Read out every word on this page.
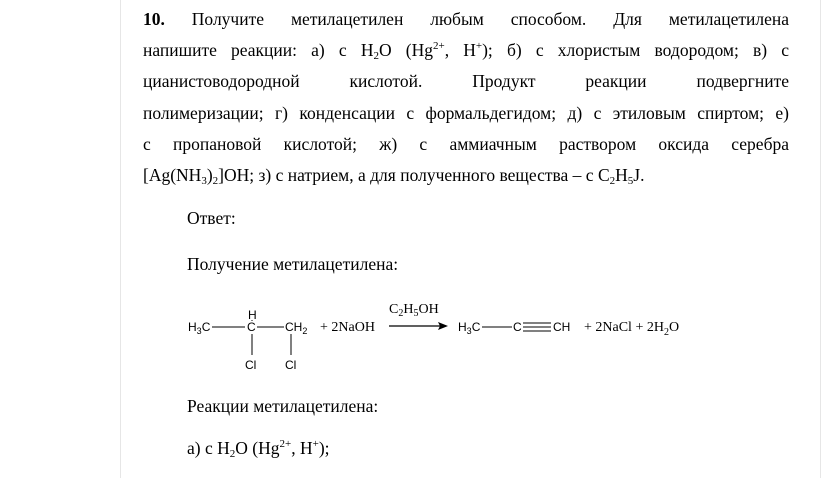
10. Получите метилацетилен любым способом. Для метилацетилена
напишите реакции: а) с $H_2O$ ($Hg^{2+}$, H+); б) с хлористым водородом; в) с
цианистоводородной кислотой. Продукт реакции подвергните
полимеризации; г) конденсации с формальдегидом; д) с этиловым спиртом; е)
с пропановой кислотой; ж) с аммиачным раствором оксида серебра
$[Ag(NH_3)_2]OH$; з) с натрием, а для полученного вещества – с $C_2H_5J$.
Ответ:
Получение метилацетилена:
Реакции метилацетилена:
а) с $H_2O$ ($Hg^{2+}$, H+);
$H_3C$
H
C $CH_2$
Cl Cl
+ 2NaOH
$C_2H_5OH$
$H_3C$	C	CH + 2NaCl + $2H_2O$
